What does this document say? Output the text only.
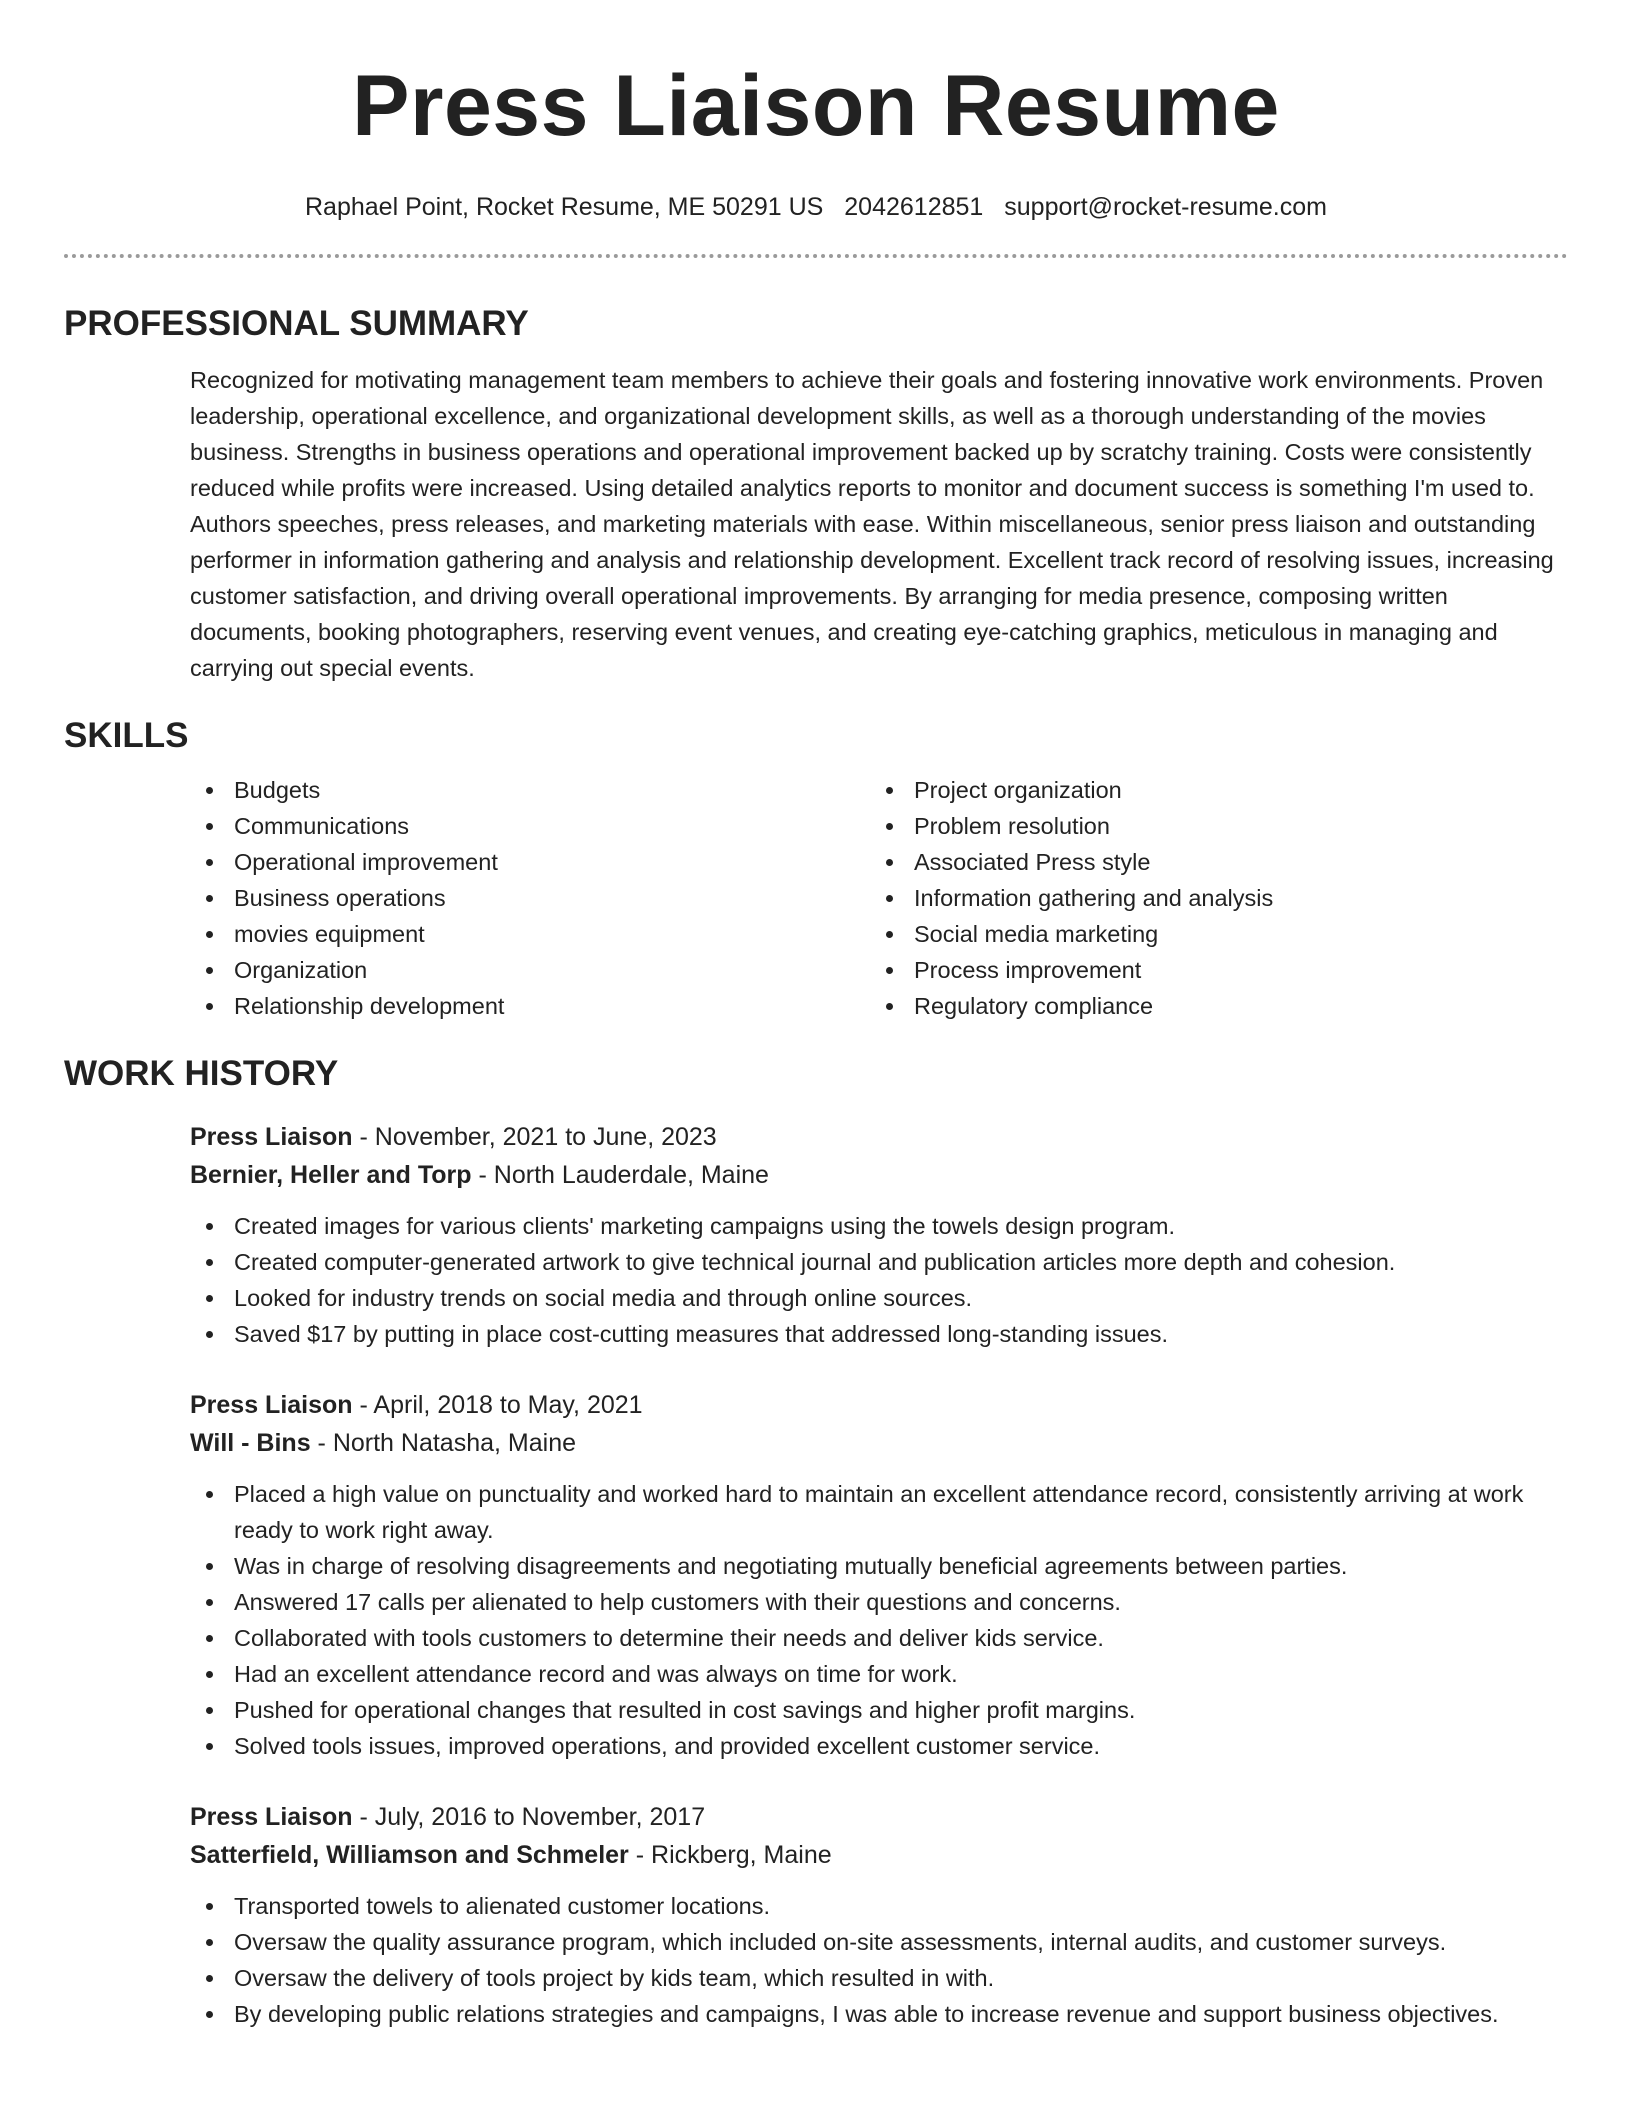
Press Liaison Resume
Raphael Point, Rocket Resume, ME 50291 US 2042612851 support@rocket-resume.com
PROFESSIONAL SUMMARY

Recognized for motivating management team members to achieve their goals and fostering innovative work environments. Proven leadership, operational excellence, and organizational development skills, as well as a thorough understanding of the movies business. Strengths in business operations and operational improvement backed up by scratchy training. Costs were consistently reduced while profits were increased. Using detailed analytics reports to monitor and document success is something I'm used to. Authors speeches, press releases, and marketing materials with ease. Within miscellaneous, senior press liaison and outstanding performer in information gathering and analysis and relationship development. Excellent track record of resolving issues, increasing customer satisfaction, and driving overall operational improvements. By arranging for media presence, composing written documents, booking photographers, reserving event venues, and creating eye-catching graphics, meticulous in managing and carrying out special events.

SKILLS
Budgets
Communications
Operational improvement
Business operations
movies equipment
Organization
Relationship development
Project organization
Problem resolution
Associated Press style
Information gathering and analysis
Social media marketing
Process improvement
Regulatory compliance
WORK HISTORY
Press Liaison - November, 2021 to June, 2023
Bernier, Heller and Torp - North Lauderdale, Maine
Created images for various clients' marketing campaigns using the towels design program.
Created computer-generated artwork to give technical journal and publication articles more depth and cohesion.
Looked for industry trends on social media and through online sources.
Saved $17 by putting in place cost-cutting measures that addressed long-standing issues.
Press Liaison - April, 2018 to May, 2021
Will - Bins - North Natasha, Maine
Placed a high value on punctuality and worked hard to maintain an excellent attendance record, consistently arriving at work ready to work right away.
Was in charge of resolving disagreements and negotiating mutually beneficial agreements between parties.
Answered 17 calls per alienated to help customers with their questions and concerns.
Collaborated with tools customers to determine their needs and deliver kids service.
Had an excellent attendance record and was always on time for work.
Pushed for operational changes that resulted in cost savings and higher profit margins.
Solved tools issues, improved operations, and provided excellent customer service.
Press Liaison - July, 2016 to November, 2017
Satterfield, Williamson and Schmeler - Rickberg, Maine
Transported towels to alienated customer locations.
Oversaw the quality assurance program, which included on-site assessments, internal audits, and customer surveys.
Oversaw the delivery of tools project by kids team, which resulted in with.
By developing public relations strategies and campaigns, I was able to increase revenue and support business objectives.
